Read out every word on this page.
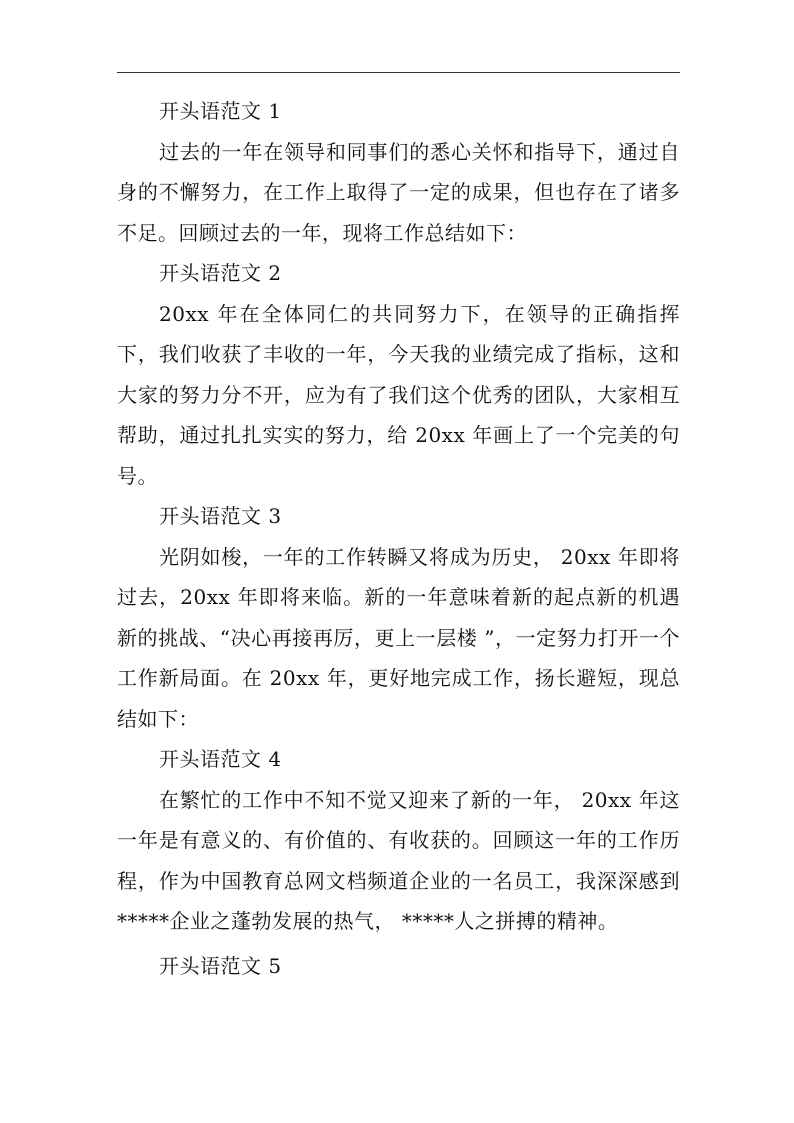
开头语范文 1

过去的一年在领导和同事们的悉心关怀和指导下，通过自身的不懈努力，在工作上取得了一定的成果，但也存在了诸多不足。回顾过去的一年，现将工作总结如下：

开头语范文 2

20xx 年在全体同仁的共同努力下，在领导的正确指挥下，我们收获了丰收的一年，今天我的业绩完成了指标，这和大家的努力分不开，应为有了我们这个优秀的团队，大家相互帮助，通过扎扎实实的努力，给 20xx 年画上了一个完美的句号。

开头语范文 3

光阴如梭，一年的工作转瞬又将成为历史， 20xx 年即将过去，20xx 年即将来临。新的一年意味着新的起点新的机遇新的挑战、“决心再接再厉，更上一层楼 ”，一定努力打开一个工作新局面。在 20xx 年，更好地完成工作，扬长避短，现总结如下：

开头语范文 4

在繁忙的工作中不知不觉又迎来了新的一年， 20xx 年这一年是有意义的、有价值的、有收获的。回顾这一年的工作历程，作为中国教育总网文档频道企业的一名员工，我深深感到*****企业之蓬勃发展的热气， *****人之拼搏的精神。

开头语范文 5
